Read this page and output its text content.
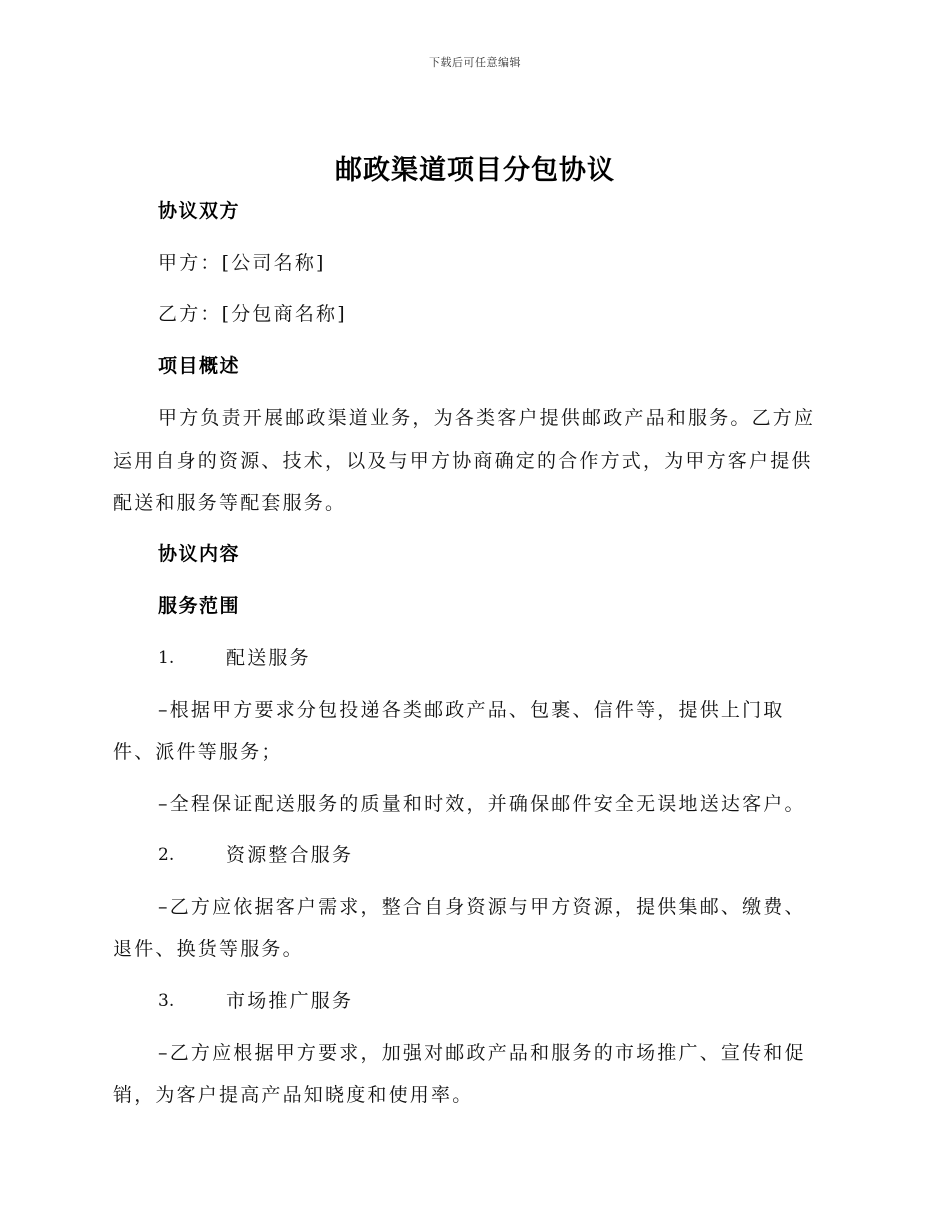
下载后可任意编辑
邮政渠道项目分包协议
协议双方
甲方：[公司名称]
乙方：[分包商名称]
项目概述
甲方负责开展邮政渠道业务，为各类客户提供邮政产品和服务。乙方应
运用自身的资源、技术，以及与甲方协商确定的合作方式，为甲方客户提供
配送和服务等配套服务。
协议内容
服务范围
1.	配送服务
–根据甲方要求分包投递各类邮政产品、包裹、信件等，提供上门取
件、派件等服务；
–全程保证配送服务的质量和时效，并确保邮件安全无误地送达客户。
2.	资源整合服务
–乙方应依据客户需求，整合自身资源与甲方资源，提供集邮、缴费、
退件、换货等服务。
3.	市场推广服务
–乙方应根据甲方要求，加强对邮政产品和服务的市场推广、宣传和促
销，为客户提高产品知晓度和使用率。
